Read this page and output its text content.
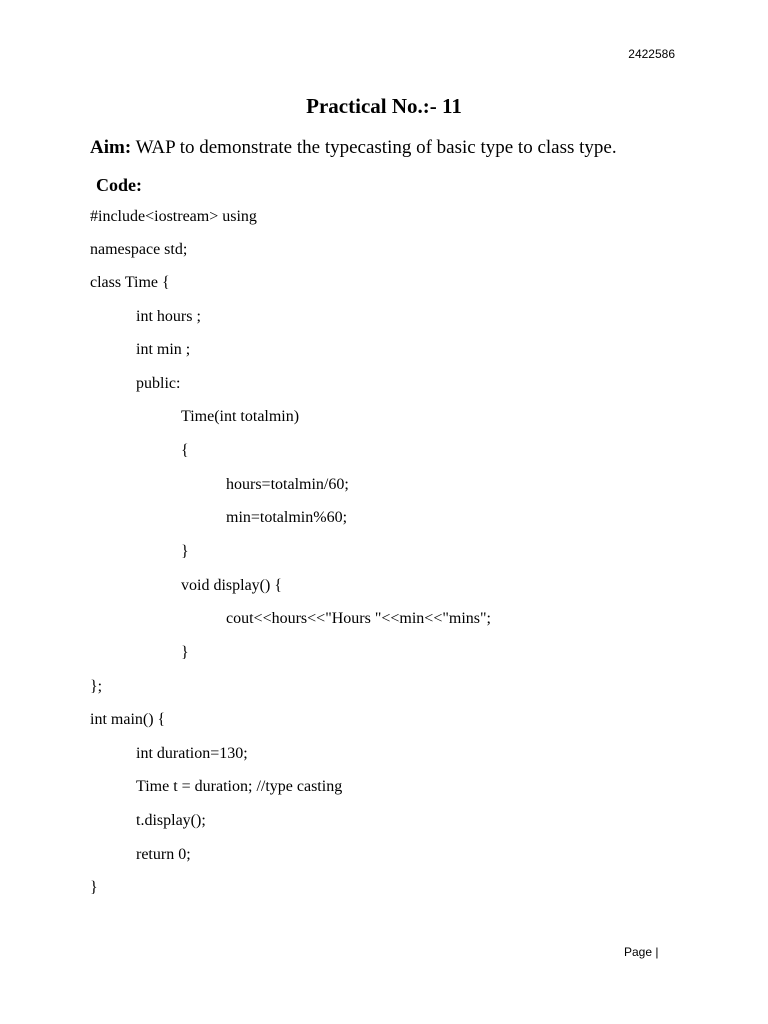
2422586
Practical No.:- 11
Aim: WAP to demonstrate the typecasting of basic type to class type.
Code:
#include<iostream> using
namespace std;
class Time {
int hours ;
int min ;
public:
Time(int totalmin)
{
hours=totalmin/60;
min=totalmin%60;
}
void display() {
cout<<hours<<"Hours "<<min<<"mins";
}
};
int main() {
int duration=130;
Time t = duration; //type casting
t.display();
return 0;
}
Page |
